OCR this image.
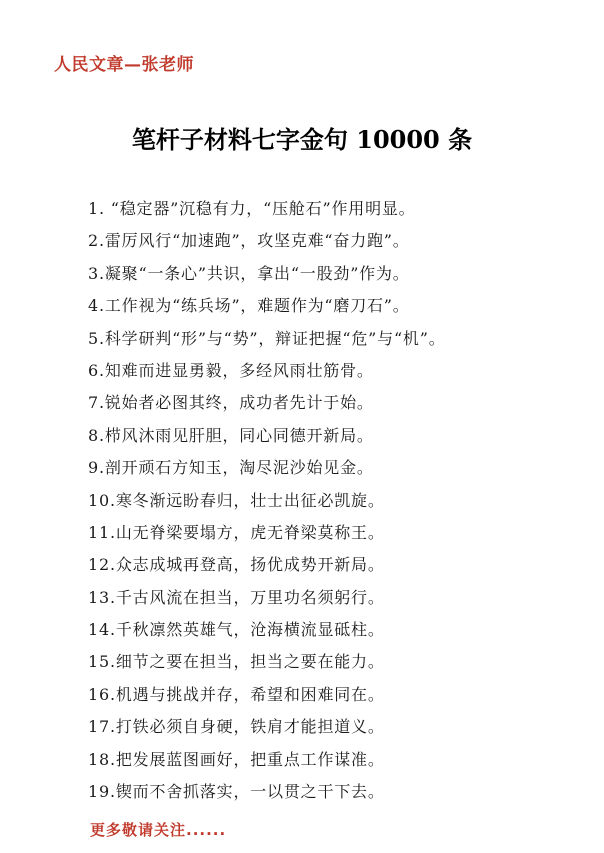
人民文章—张老师
笔杆子材料七字金句 10000 条
1. “稳定器”沉稳有力，“压舱石”作用明显。
2.雷厉风行“加速跑”，攻坚克难“奋力跑”。
3.凝聚“一条心”共识，拿出“一股劲”作为。
4.工作视为“练兵场”，难题作为“磨刀石”。
5.科学研判“形”与“势”，辩证把握“危”与“机”。
6.知难而进显勇毅，多经风雨壮筋骨。
7.锐始者必图其终，成功者先计于始。
8.栉风沐雨见肝胆，同心同德开新局。
9.剖开顽石方知玉，淘尽泥沙始见金。
10.寒冬渐远盼春归，壮士出征必凯旋。
11.山无脊梁要塌方，虎无脊梁莫称王。
12.众志成城再登高，扬优成势开新局。
13.千古风流在担当，万里功名须躬行。
14.千秋凛然英雄气，沧海横流显砥柱。
15.细节之要在担当，担当之要在能力。
16.机遇与挑战并存，希望和困难同在。
17.打铁必须自身硬，铁肩才能担道义。
18.把发展蓝图画好，把重点工作谋准。
19.锲而不舍抓落实，一以贯之干下去。
更多敬请关注......
